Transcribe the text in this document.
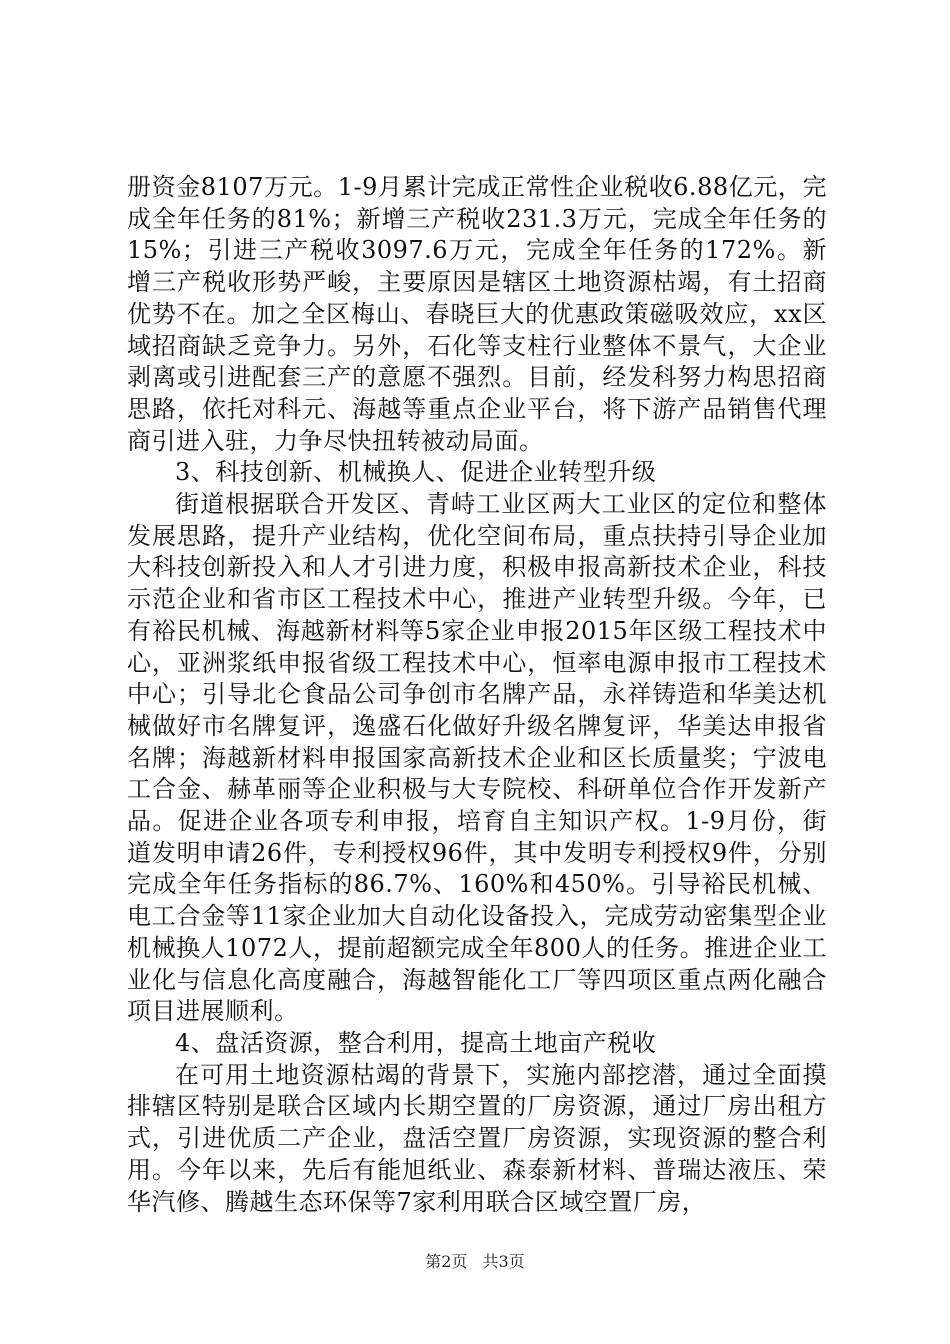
册资金8107万元。1-9月累计完成正常性企业税收6.88亿元，完成全年任务的81%；新增三产税收231.3万元，完成全年任务的15%；引进三产税收3097.6万元，完成全年任务的172%。新增三产税收形势严峻，主要原因是辖区土地资源枯竭，有土招商优势不在。加之全区梅山、春晓巨大的优惠政策磁吸效应，xx区域招商缺乏竞争力。另外，石化等支柱行业整体不景气，大企业剥离或引进配套三产的意愿不强烈。目前，经发科努力构思招商思路，依托对科元、海越等重点企业平台，将下游产品销售代理商引进入驻，力争尽快扭转被动局面。

3、科技创新、机械换人、促进企业转型升级

街道根据联合开发区、青峙工业区两大工业区的定位和整体发展思路，提升产业结构，优化空间布局，重点扶持引导企业加大科技创新投入和人才引进力度，积极申报高新技术企业，科技示范企业和省市区工程技术中心，推进产业转型升级。今年，已有裕民机械、海越新材料等5家企业申报2015年区级工程技术中心，亚洲浆纸申报省级工程技术中心，恒率电源申报市工程技术中心；引导北仑食品公司争创市名牌产品，永祥铸造和华美达机械做好市名牌复评，逸盛石化做好升级名牌复评，华美达申报省名牌；海越新材料申报国家高新技术企业和区长质量奖；宁波电工合金、赫革丽等企业积极与大专院校、科研单位合作开发新产品。促进企业各项专利申报，培育自主知识产权。1-9月份，街道发明申请26件，专利授权96件，其中发明专利授权9件，分别完成全年任务指标的86.7%、160%和450%。引导裕民机械、电工合金等11家企业加大自动化设备投入，完成劳动密集型企业机械换人1072人，提前超额完成全年800人的任务。推进企业工业化与信息化高度融合，海越智能化工厂等四项区重点两化融合项目进展顺利。

4、盘活资源，整合利用，提高土地亩产税收

在可用土地资源枯竭的背景下，实施内部挖潜，通过全面摸排辖区特别是联合区域内长期空置的厂房资源，通过厂房出租方式，引进优质二产企业，盘活空置厂房资源，实现资源的整合利用。今年以来，先后有能旭纸业、森泰新材料、普瑞达液压、荣华汽修、腾越生态环保等7家利用联合区域空置厂房，

第2页 共3页
